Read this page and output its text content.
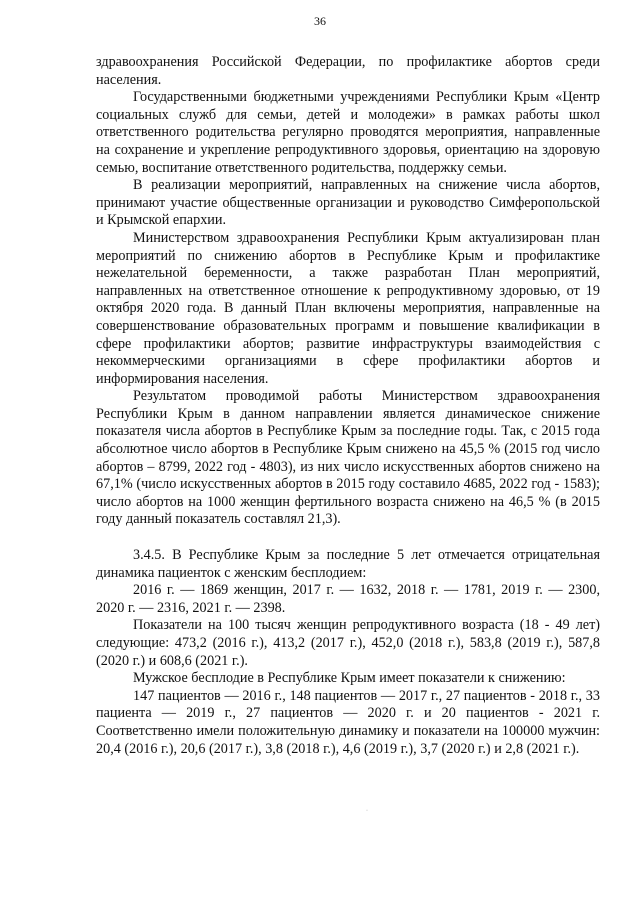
36

здравоохранения Российской Федерации, по профилактике абортов среди населения.

Государственными бюджетными учреждениями Республики Крым «Центр социальных служб для семьи, детей и молодежи» в рамках работы школ ответственного родительства регулярно проводятся мероприятия, направленные на сохранение и укрепление репродуктивного здоровья, ориентацию на здоровую семью, воспитание ответственного родительства, поддержку семьи.

В реализации мероприятий, направленных на снижение числа абортов, принимают участие общественные организации и руководство Симферопольской и Крымской епархии.

Министерством здравоохранения Республики Крым актуализирован план мероприятий по снижению абортов в Республике Крым и профилактике нежелательной беременности, а также разработан План мероприятий, направленных на ответственное отношение к репродуктивному здоровью, от 19 октября 2020 года. В данный План включены мероприятия, направленные на совершенствование образовательных программ и повышение квалификации в сфере профилактики абортов; развитие инфраструктуры взаимодействия с некоммерческими организациями в сфере профилактики абортов и информирования населения.

Результатом проводимой работы Министерством здравоохранения Республики Крым в данном направлении является динамическое снижение показателя числа абортов в Республике Крым за последние годы. Так, с 2015 года абсолютное число абортов в Республике Крым снижено на 45,5 % (2015 год число абортов – 8799, 2022 год - 4803), из них число искусственных абортов снижено на 67,1% (число искусственных абортов в 2015 году составило 4685, 2022 год - 1583); число абортов на 1000 женщин фертильного возраста снижено на 46,5 % (в 2015 году данный показатель составлял 21,3).

3.4.5. В Республике Крым за последние 5 лет отмечается отрицательная динамика пациенток с женским бесплодием:

2016 г. — 1869 женщин, 2017 г. — 1632, 2018 г. — 1781, 2019 г. — 2300, 2020 г. — 2316, 2021 г. — 2398.

Показатели на 100 тысяч женщин репродуктивного возраста (18 - 49 лет) следующие: 473,2 (2016 г.), 413,2 (2017 г.), 452,0 (2018 г.), 583,8 (2019 г.), 587,8 (2020 г.) и 608,6 (2021 г.).

Мужское бесплодие в Республике Крым имеет показатели к снижению:

147 пациентов — 2016 г., 148 пациентов — 2017 г., 27 пациентов - 2018 г., 33 пациента — 2019 г., 27 пациентов — 2020 г. и 20 пациентов - 2021 г. Соответственно имели положительную динамику и показатели на 100000 мужчин: 20,4 (2016 г.), 20,6 (2017 г.), 3,8 (2018 г.), 4,6 (2019 г.), 3,7 (2020 г.) и 2,8 (2021 г.).

·
